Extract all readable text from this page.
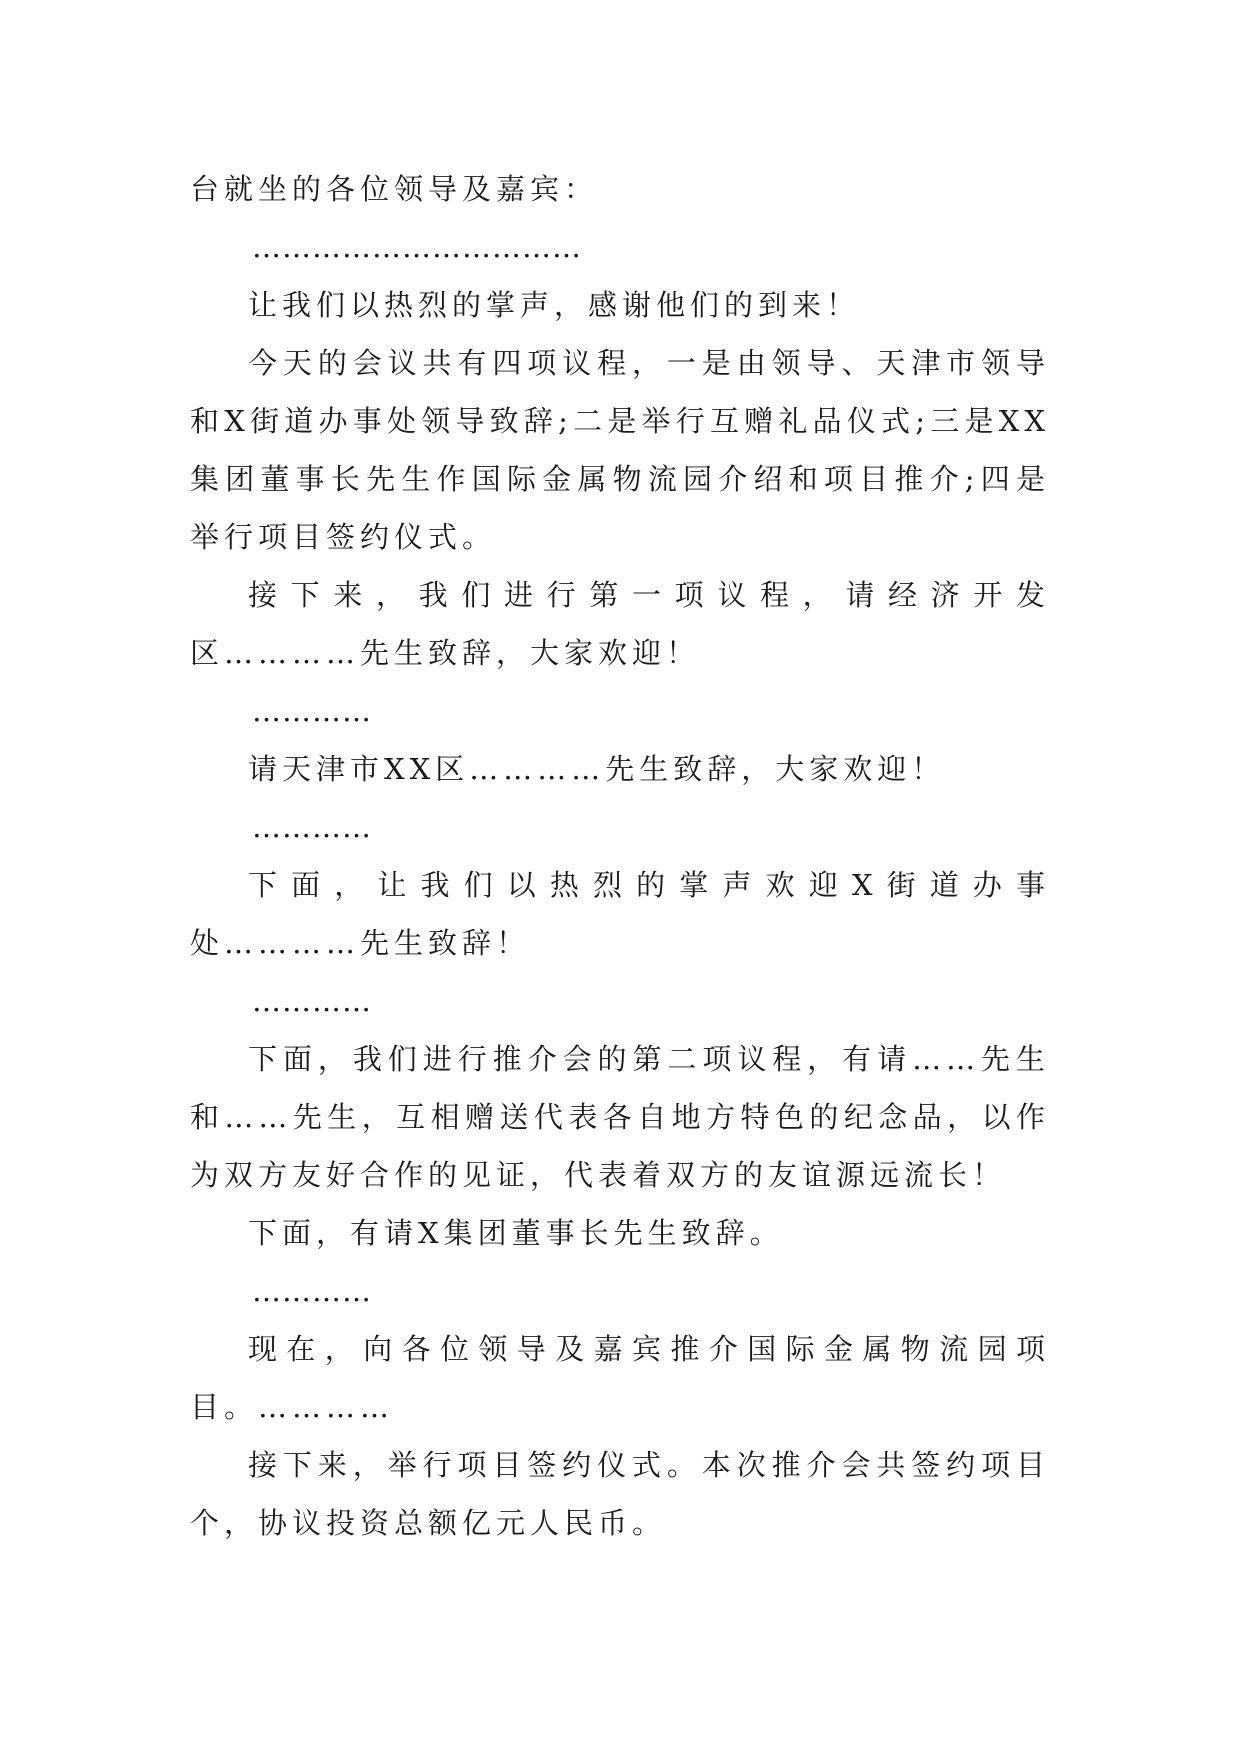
台就坐的各位领导及嘉宾：

……………………………

让我们以热烈的掌声，感谢他们的到来！

今天的会议共有四项议程，一是由领导、天津市领导和X街道办事处领导致辞;二是举行互赠礼品仪式;三是XX集团董事长先生作国际金属物流园介绍和项目推介;四是举行项目签约仪式。

接下来，我们进行第一项议程，请经济开发区…………先生致辞，大家欢迎！

…………

请天津市XX区…………先生致辞，大家欢迎！

…………

下面，让我们以热烈的掌声欢迎X街道办事处…………先生致辞！

…………

下面，我们进行推介会的第二项议程，有请……先生和……先生，互相赠送代表各自地方特色的纪念品，以作为双方友好合作的见证，代表着双方的友谊源远流长！

下面，有请X集团董事长先生致辞。

…………

现在，向各位领导及嘉宾推介国际金属物流园项目。…………

接下来，举行项目签约仪式。本次推介会共签约项目个，协议投资总额亿元人民币。
